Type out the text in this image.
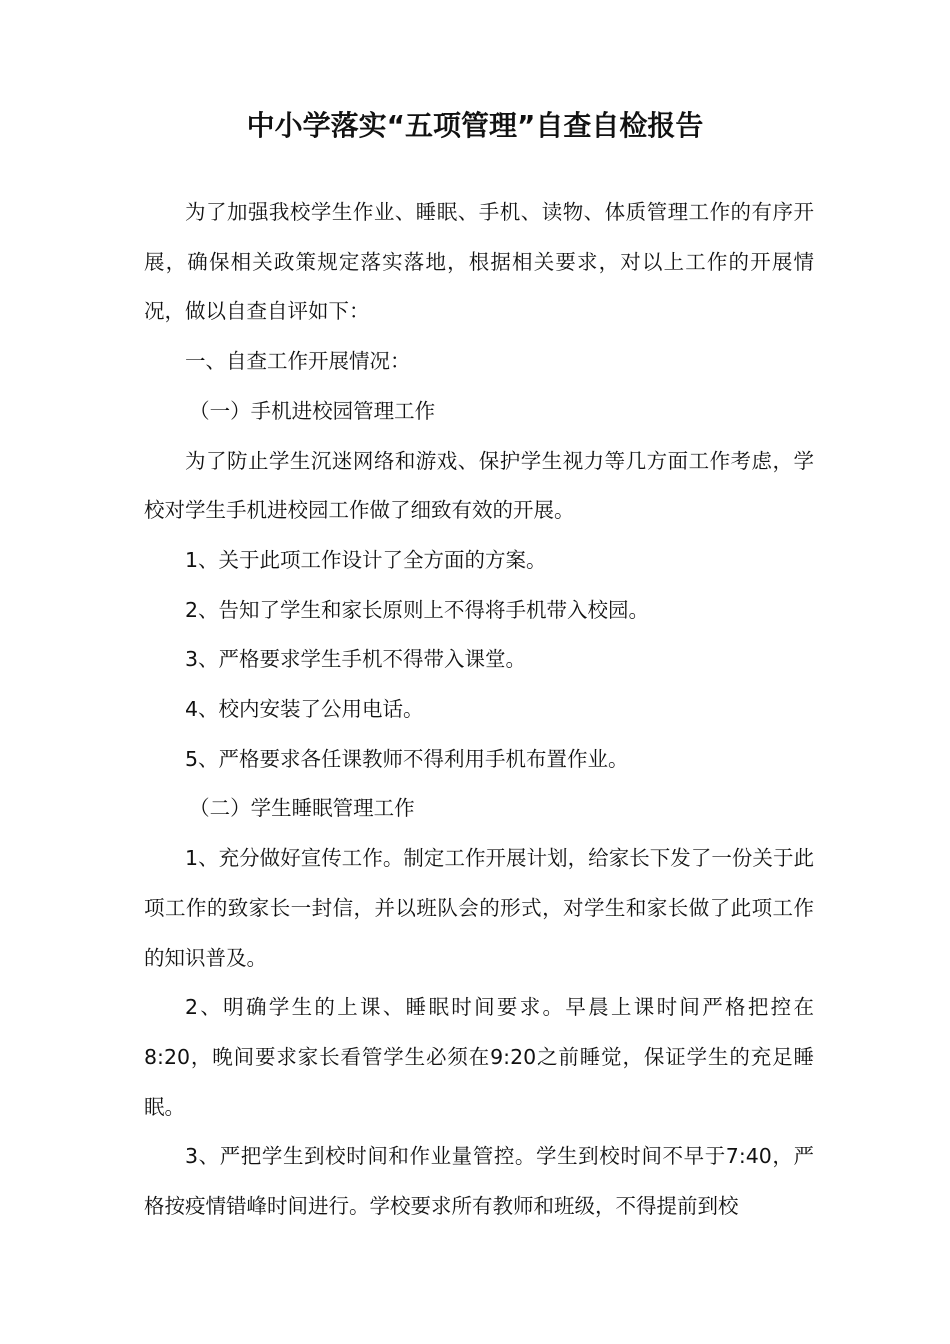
中小学落实“五项管理”自查自检报告

为了加强我校学生作业、睡眠、手机、读物、体质管理工作的有序开展，确保相关政策规定落实落地，根据相关要求，对以上工作的开展情况，做以自查自评如下：

一、自查工作开展情况：

（一）手机进校园管理工作

为了防止学生沉迷网络和游戏、保护学生视力等几方面工作考虑，学校对学生手机进校园工作做了细致有效的开展。

1、关于此项工作设计了全方面的方案。

2、告知了学生和家长原则上不得将手机带入校园。

3、严格要求学生手机不得带入课堂。

4、校内安装了公用电话。

5、严格要求各任课教师不得利用手机布置作业。

（二）学生睡眠管理工作

1、充分做好宣传工作。制定工作开展计划，给家长下发了一份关于此项工作的致家长一封信，并以班队会的形式，对学生和家长做了此项工作的知识普及。

2、明确学生的上课、睡眠时间要求。早晨上课时间严格把控在8:20，晚间要求家长看管学生必须在9:20之前睡觉，保证学生的充足睡眠。

3、严把学生到校时间和作业量管控。学生到校时间不早于7:40，严格按疫情错峰时间进行。学校要求所有教师和班级，不得提前到校
